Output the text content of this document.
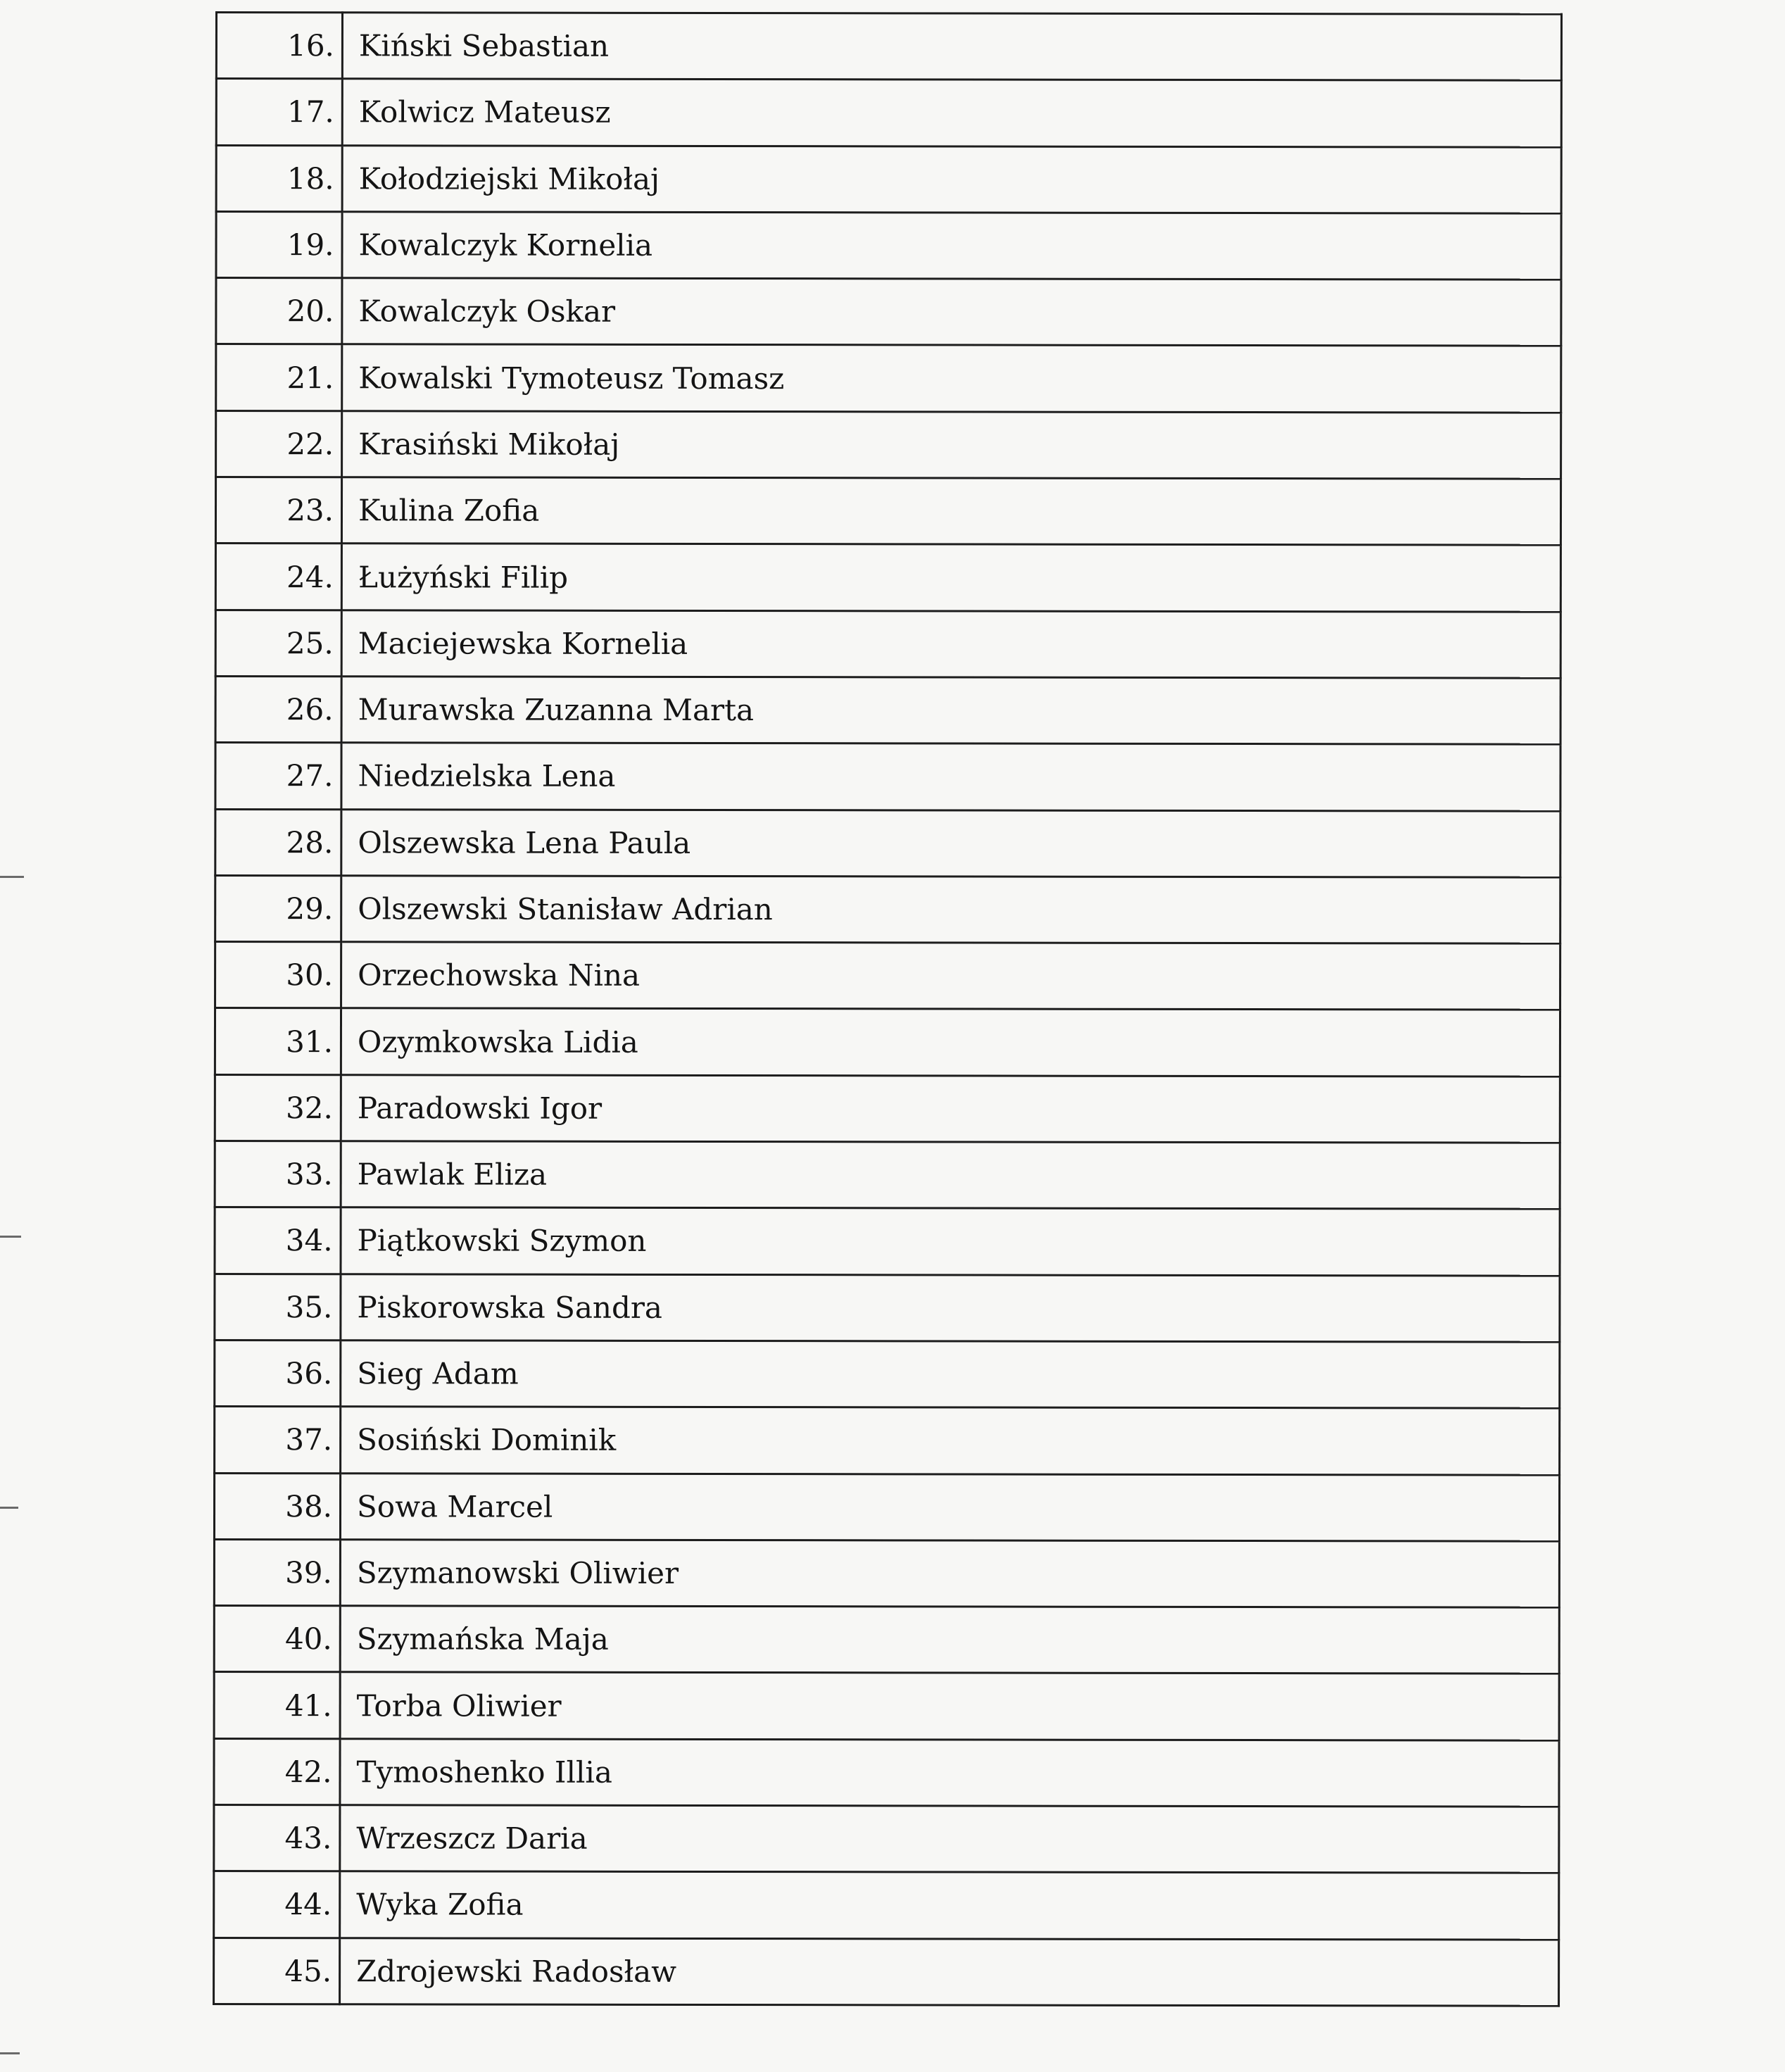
16.	Kiński Sebastian
17.	Kolwicz Mateusz
18.	Kołodziejski Mikołaj
19.	Kowalczyk Kornelia
20.	Kowalczyk Oskar
21.	Kowalski Tymoteusz Tomasz
22.	Krasiński Mikołaj
23.	Kulina Zofia
24.	Łużyński Filip
25.	Maciejewska Kornelia
26.	Murawska Zuzanna Marta
27.	Niedzielska Lena
28.	Olszewska Lena Paula
29.	Olszewski Stanisław Adrian
30.	Orzechowska Nina
31.	Ozymkowska Lidia
32.	Paradowski Igor
33.	Pawlak Eliza
34.	Piątkowski Szymon
35.	Piskorowska Sandra
36.	Sieg Adam
37.	Sosiński Dominik
38.	Sowa Marcel
39.	Szymanowski Oliwier
40.	Szymańska Maja
41.	Torba Oliwier
42.	Tymoshenko Illia
43.	Wrzeszcz Daria
44.	Wyka Zofia
45.	Zdrojewski Radosław
